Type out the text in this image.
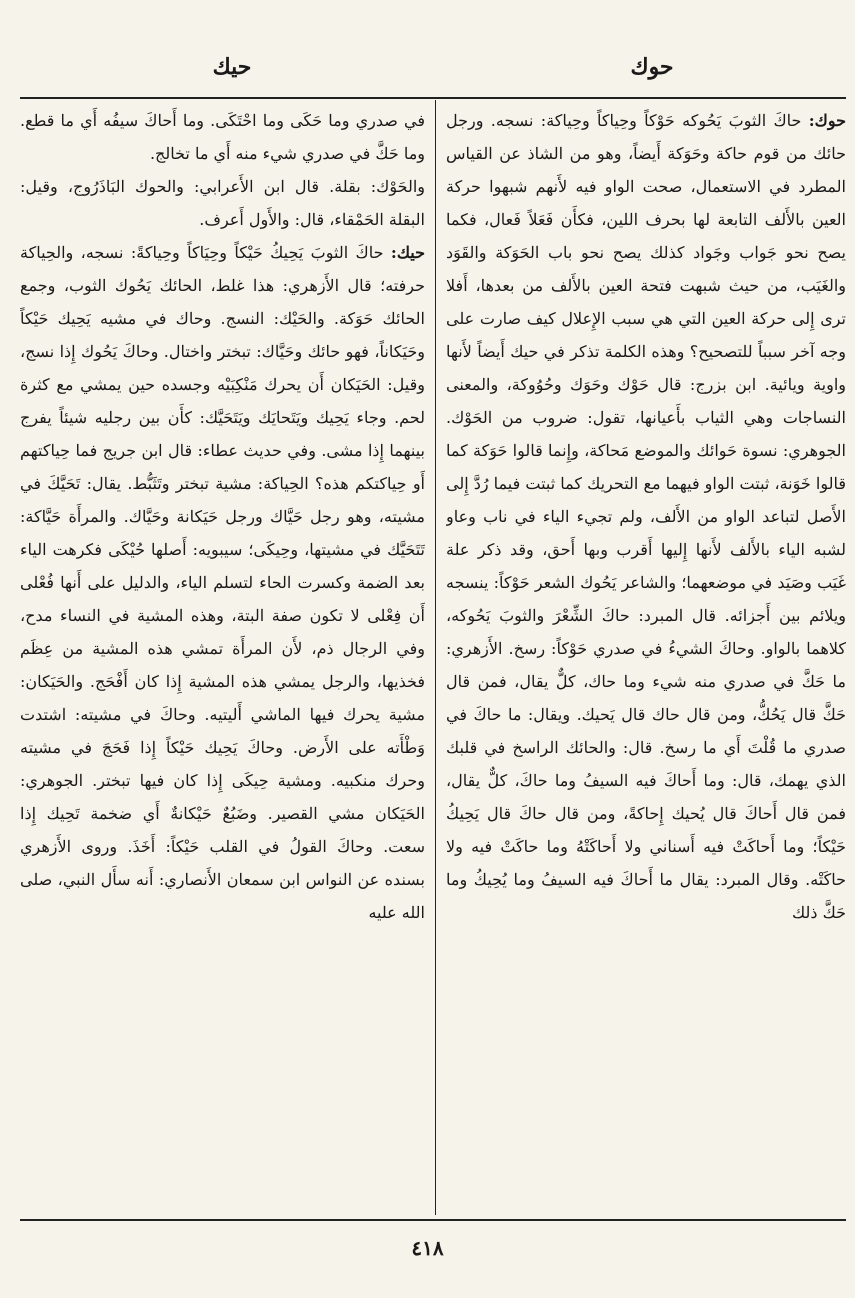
حوك
حيك

حوك: حاكَ الثوبَ يَحُوكه حَوْكاً وحِياكاً وحِياكة: نسجه. ورجل حائك من قوم حاكة وحَوَكة أَيضاً، وهو من الشاذ عن القياس المطرد في الاستعمال، صحت الواو فيه لأَنهم شبهوا حركة العين بالأَلف التابعة لها بحرف اللين، فكأَن فَعَلاً فَعال، فكما يصح نحو جَواب وجَواد كذلك يصح نحو باب الحَوَكة والقَوَد والغَيَب، من حيث شبهت فتحة العين بالأَلف من بعدها، أَفلا ترى إِلى حركة العين التي هي سبب الإِعلال كيف صارت على وجه آخر سبباً للتصحيح؟ وهذه الكلمة تذكر في حيك أَيضاً لأَنها واوية ويائية. ابن بزرج: قال حَوْك وحَوَك وحُوُوكة، والمعنى النساجات وهي الثياب بأَعيانها، تقول: ضروب من الحَوْك. الجوهري: نسوة حَوائك والموضع مَحاكة، وإِنما قالوا حَوَكة كما قالوا خَوَنة، ثبتت الواو فيهما مع التحريك كما ثبتت فيما رُدَّ إِلى الأَصل لتباعد الواو من الأَلف، ولم تجيء الياء في ناب وعاو لشبه الياء بالأَلف لأَنها إِليها أَقرب وبها أَحق، وقد ذكر علة غَيَب وصَيَد في موضعهما؛ والشاعر يَحُوك الشعر حَوْكاً: ينسجه ويلائم بين أَجزائه. قال المبرد: حاكَ الشِّعْرَ والثوبَ يَحُوكه، كلاهما بالواو. وحاكَ الشيءُ في صدري حَوْكاً: رسخ. الأَزهري: ما حَكَّ في صدري منه شيء وما حاك، كلٌّ يقال، فمن قال حَكَّ قال يَحُكُّ، ومن قال حاك قال يَحيك. ويقال: ما حاكَ في صدري ما قُلْتَ أَي ما رسخ. قال: والحائك الراسخ في قلبك الذي يهمك، قال: وما أَحاكَ فيه السيفُ وما حاكَ، كلٌّ يقال، فمن قال أَحاكَ قال يُحيك إِحاكةً، ومن قال حاكَ قال يَحِيكُ حَيْكاً؛ وما أَحاكَتْ فيه أَسناني ولا أَحاكَتْهُ وما حاكَتْ فيه ولا حاكَتْه. وقال المبرد: يقال ما أَحاكَ فيه السيفُ وما يُحِيكُ وما حَكَّ ذلك

في صدري وما حَكَى وما احْتَكَى. وما أَحاكَ سيفُه أَي ما قطع. وما حَكَّ في صدري شيء منه أَي ما تخالج.

والحَوْك: بقلة. قال ابن الأَعرابي: والحوك البَاذَرُوج، وقيل: البقلة الحَمْقاء، قال: والأَول أَعرف.

حيك: حاكَ الثوبَ يَحِيكُ حَيْكاً وحِيَاكاً وحِياكةً: نسجه، والحِياكة حرفته؛ قال الأَزهري: هذا غلط، الحائك يَحُوك الثوب، وجمع الحائك حَوَكة. والحَيْك: النسج. وحاك في مشيه يَحِيك حَيْكاً وحَيَكاناً، فهو حائك وحَيَّاك: تبختر واختال. وحاكَ يَحُوك إِذا نسج، وقيل: الحَيَكان أَن يحرك مَنْكِبَيْه وجسده حين يمشي مع كثرة لحم. وجاء يَحِيك ويَتَحايَك ويَتَحَيَّك: كأَن بين رجليه شيئاً يفرج بينهما إِذا مشى. وفي حديث عطاء: قال ابن جريج فما حِياكتهم أَو حِياكتكم هذه؟ الحِياكة: مشية تبختر وتَثَبُّط. يقال: تَحَيَّكَ في مشيته، وهو رجل حَيَّاك ورجل حَيَكانة وحَيَّاك. والمرأَة حَيَّاكة: تَتَحَيَّك في مشيتها، وحِيكَى؛ سيبويه: أَصلها حُيْكَى فكرهت الياء بعد الضمة وكسرت الحاء لتسلم الياء، والدليل على أَنها فُعْلى أَن فِعْلى لا تكون صفة البتة، وهذه المشية في النساء مدح، وفي الرجال ذم، لأَن المرأَة تمشي هذه المشية من عِظَم فخذيها، والرجل يمشي هذه المشية إِذا كان أَفْحَج. والحَيَكان: مشية يحرك فيها الماشي أَليتيه. وحاكَ في مشيته: اشتدت وَطْأَته على الأَرض. وحاكَ يَحِيك حَيْكاً إِذا فَحَجَ في مشيته وحرك منكبيه. ومشية حِيكَى إِذا كان فيها تبختر. الجوهري: الحَيَكان مشي القصير. وضَبُعٌ حَيْكانةٌ أَي ضخمة تَحِيك إِذا سعت. وحاكَ القولُ في القلب حَيْكاً: أَخَذَ. وروى الأَزهري بسنده عن النواس ابن سمعان الأَنصاري: أَنه سأَل النبي، صلى الله عليه

٤١٨
